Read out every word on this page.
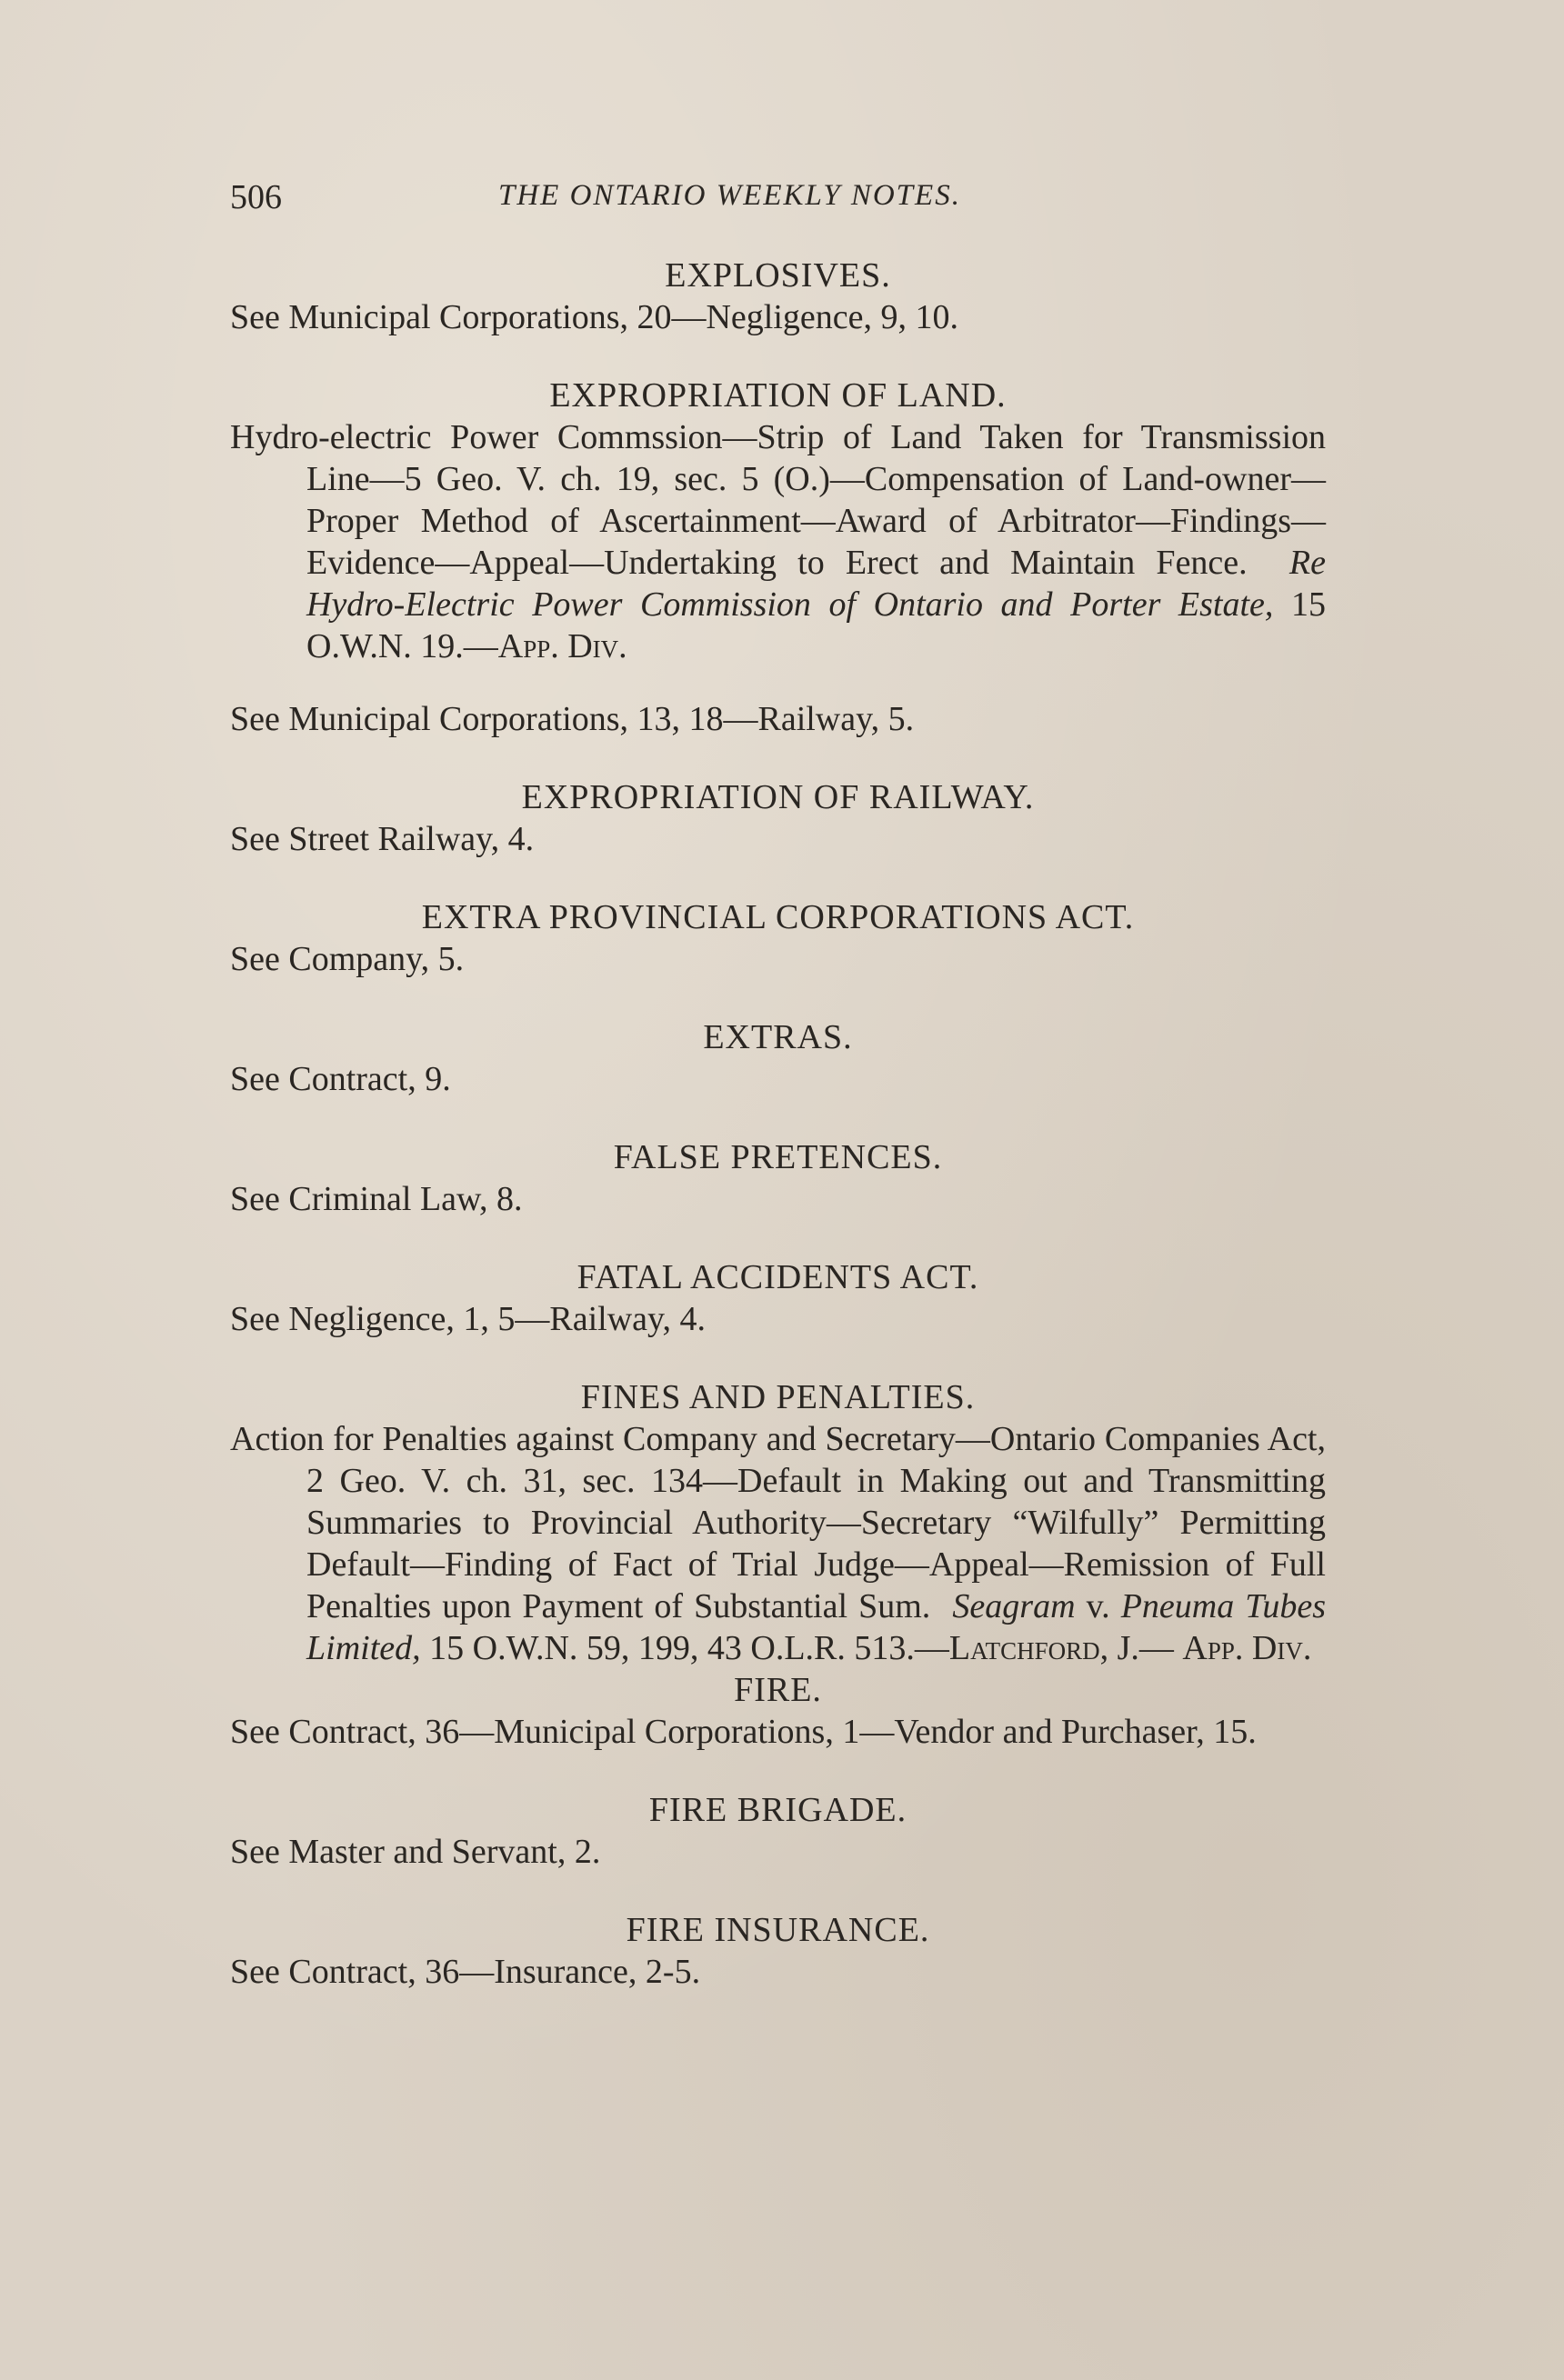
506	THE ONTARIO WEEKLY NOTES.

EXPLOSIVES.

See Municipal Corporations, 20—Negligence, 9, 10.

EXPROPRIATION OF LAND.

Hydro-electric Power Commssion—Strip of Land Taken for Transmission Line—5 Geo. V. ch. 19, sec. 5 (O.)—Compensation of Land-owner—Proper Method of Ascertainment—Award of Arbitrator—Findings—Evidence—Appeal—Undertaking to Erect and Maintain Fence. Re Hydro-Electric Power Commission of Ontario and Porter Estate, 15 O.W.N. 19.—App. Div.

See Municipal Corporations, 13, 18—Railway, 5.

EXPROPRIATION OF RAILWAY.

See Street Railway, 4.

EXTRA PROVINCIAL CORPORATIONS ACT.

See Company, 5.

EXTRAS.

See Contract, 9.

FALSE PRETENCES.

See Criminal Law, 8.

FATAL ACCIDENTS ACT.

See Negligence, 1, 5—Railway, 4.

FINES AND PENALTIES.

Action for Penalties against Company and Secretary—Ontario Companies Act, 2 Geo. V. ch. 31, sec. 134—Default in Making out and Transmitting Summaries to Provincial Authority—Secretary “Wilfully” Permitting Default—Finding of Fact of Trial Judge—Appeal—Remission of Full Penalties upon Payment of Substantial Sum. Seagram v. Pneuma Tubes Limited, 15 O.W.N. 59, 199, 43 O.L.R. 513.—Latchford, J.— App. Div.

FIRE.

See Contract, 36—Municipal Corporations, 1—Vendor and Purchaser, 15.

FIRE BRIGADE.

See Master and Servant, 2.

FIRE INSURANCE.

See Contract, 36—Insurance, 2-5.
